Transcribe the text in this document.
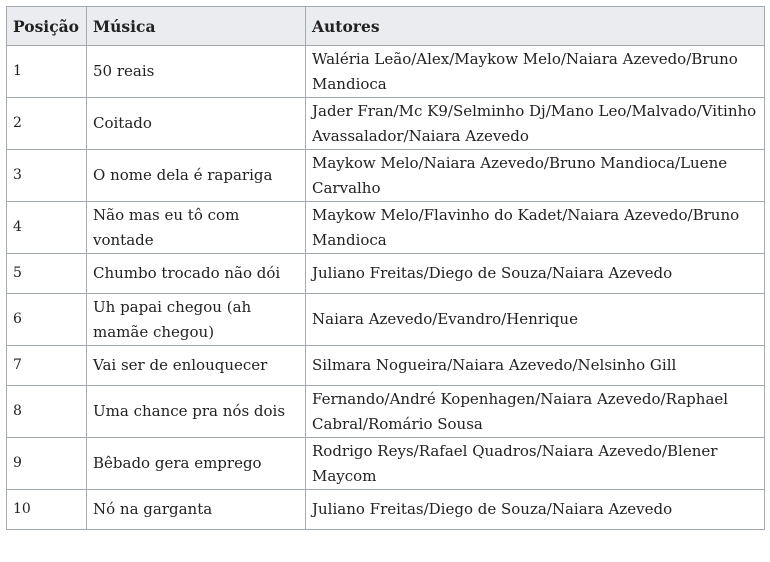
Posição	Música	Autores
1	50 reais	Waléria Leão/Alex/Maykow Melo/Naiara Azevedo/Bruno Mandioca
2	Coitado	Jader Fran/Mc K9/Selminho Dj/Mano Leo/Malvado/Vitinho Avassalador/Naiara Azevedo
3	O nome dela é rapariga	Maykow Melo/Naiara Azevedo/Bruno Mandioca/Luene Carvalho
4	Não mas eu tô com vontade	Maykow Melo/Flavinho do Kadet/Naiara Azevedo/Bruno Mandioca
5	Chumbo trocado não dói	Juliano Freitas/Diego de Souza/Naiara Azevedo
6	Uh papai chegou (ah mamãe chegou)	Naiara Azevedo/Evandro/Henrique
7	Vai ser de enlouquecer	Silmara Nogueira/Naiara Azevedo/Nelsinho Gill
8	Uma chance pra nós dois	Fernando/André Kopenhagen/Naiara Azevedo/Raphael Cabral/Romário Sousa
9	Bêbado gera emprego	Rodrigo Reys/Rafael Quadros/Naiara Azevedo/Blener Maycom
10	Nó na garganta	Juliano Freitas/Diego de Souza/Naiara Azevedo
